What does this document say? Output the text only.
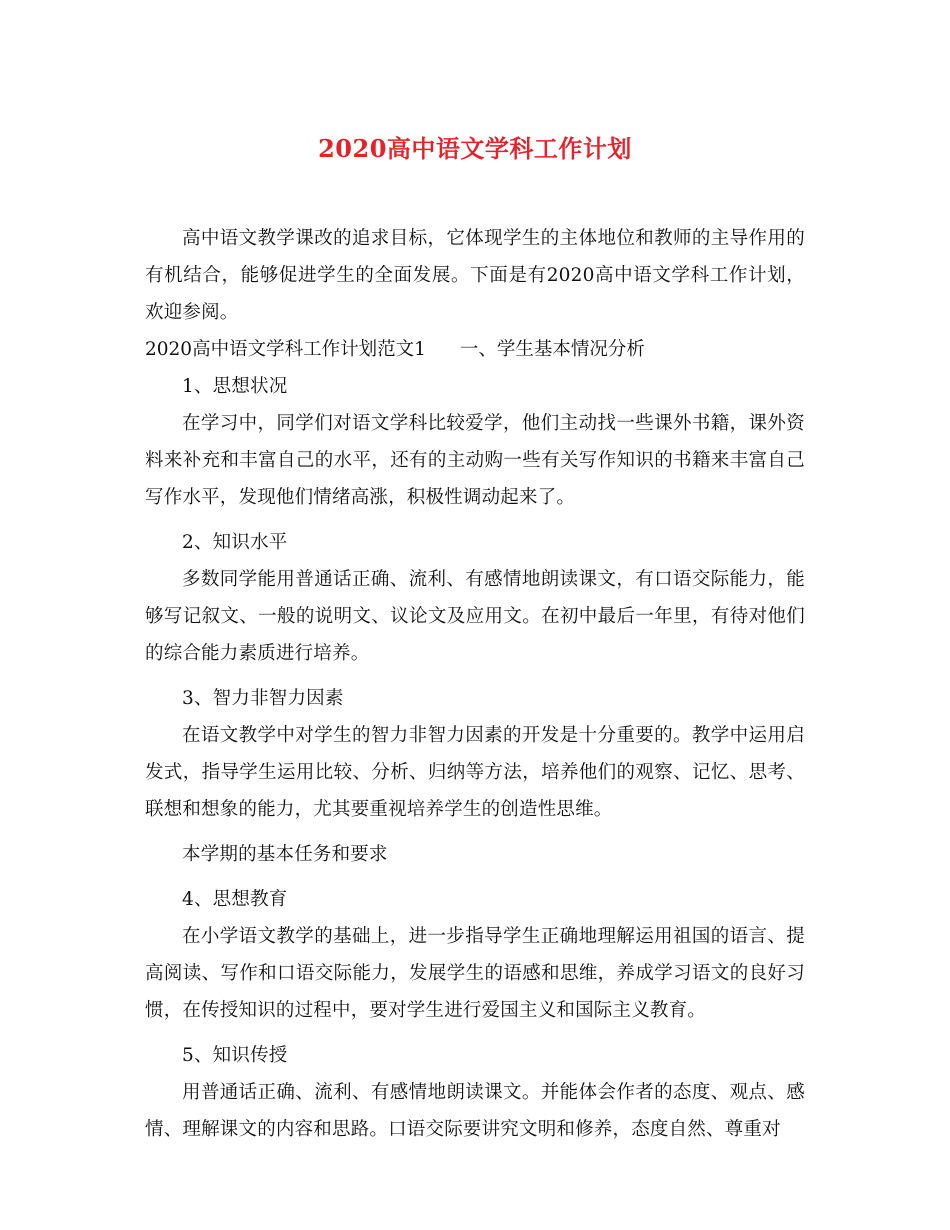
2020高中语文学科工作计划

高中语文教学课改的追求目标，它体现学生的主体地位和教师的主导作用的有机结合，能够促进学生的全面发展。下面是有2020高中语文学科工作计划，欢迎参阅。

2020高中语文学科工作计划范文1 一、学生基本情况分析

1、思想状况

在学习中，同学们对语文学科比较爱学，他们主动找一些课外书籍，课外资料来补充和丰富自己的水平，还有的主动购一些有关写作知识的书籍来丰富自己写作水平，发现他们情绪高涨，积极性调动起来了。

2、知识水平

多数同学能用普通话正确、流利、有感情地朗读课文，有口语交际能力，能够写记叙文、一般的说明文、议论文及应用文。在初中最后一年里，有待对他们的综合能力素质进行培养。

3、智力非智力因素

在语文教学中对学生的智力非智力因素的开发是十分重要的。教学中运用启发式，指导学生运用比较、分析、归纳等方法，培养他们的观察、记忆、思考、联想和想象的能力，尤其要重视培养学生的创造性思维。

本学期的基本任务和要求

4、思想教育

在小学语文教学的基础上，进一步指导学生正确地理解运用祖国的语言、提高阅读、写作和口语交际能力，发展学生的语感和思维，养成学习语文的良好习惯，在传授知识的过程中，要对学生进行爱国主义和国际主义教育。

5、知识传授

用普通话正确、流利、有感情地朗读课文。并能体会作者的态度、观点、感情、理解课文的内容和思路。口语交际要讲究文明和修养，态度自然、尊重对
